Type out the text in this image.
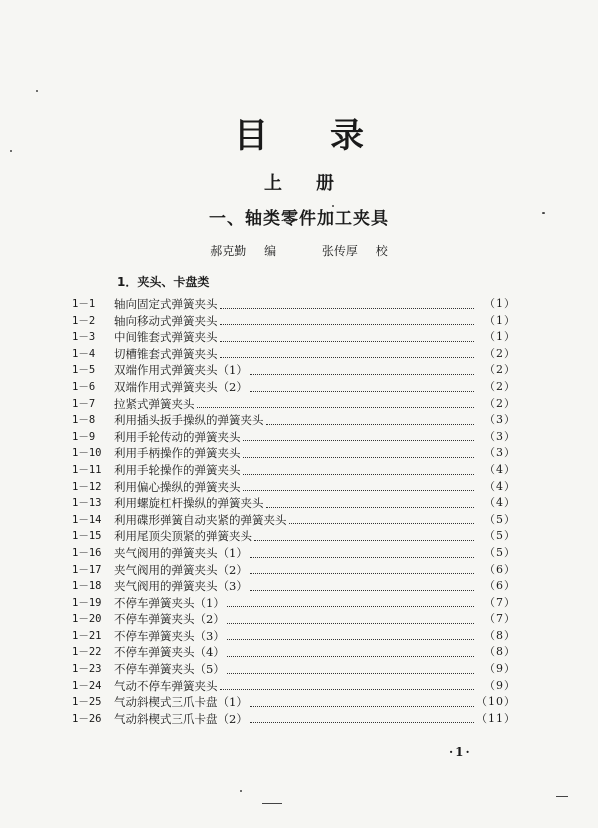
目录
上册
一、轴类零件加工夹具
郝克勤 编	张传厚 校
1．夹头、卡盘类
1－1	轴向固定式弹簧夹头	（1）
1－2	轴向移动式弹簧夹头	（1）
1－3	中间锥套式弹簧夹头	（1）
1－4	切槽锥套式弹簧夹头	（2）
1－5	双端作用式弹簧夹头（1）	（2）
1－6	双端作用式弹簧夹头（2）	（2）
1－7	拉紧式弹簧夹头	（2）
1－8	利用插头扳手操纵的弹簧夹头	（3）
1－9	利用手轮传动的弹簧夹头	（3）
1－10	利用手柄操作的弹簧夹头	（3）
1－11	利用手轮操作的弹簧夹头	（4）
1－12	利用偏心操纵的弹簧夹头	（4）
1－13	利用螺旋杠杆操纵的弹簧夹头	（4）
1－14	利用碟形弹簧自动夹紧的弹簧夹头	（5）
1－15	利用尾顶尖顶紧的弹簧夹头	（5）
1－16	夹气阀用的弹簧夹头（1）	（5）
1－17	夹气阀用的弹簧夹头（2）	（6）
1－18	夹气阀用的弹簧夹头（3）	（6）
1－19	不停车弹簧夹头（1）	（7）
1－20	不停车弹簧夹头（2）	（7）
1－21	不停车弹簧夹头（3）	（8）
1－22	不停车弹簧夹头（4）	（8）
1－23	不停车弹簧夹头（5）	（9）
1－24	气动不停车弹簧夹头	（9）
1－25	气动斜楔式三爪卡盘（1）	（10）
1－26	气动斜楔式三爪卡盘（2）	（11）
·1·
